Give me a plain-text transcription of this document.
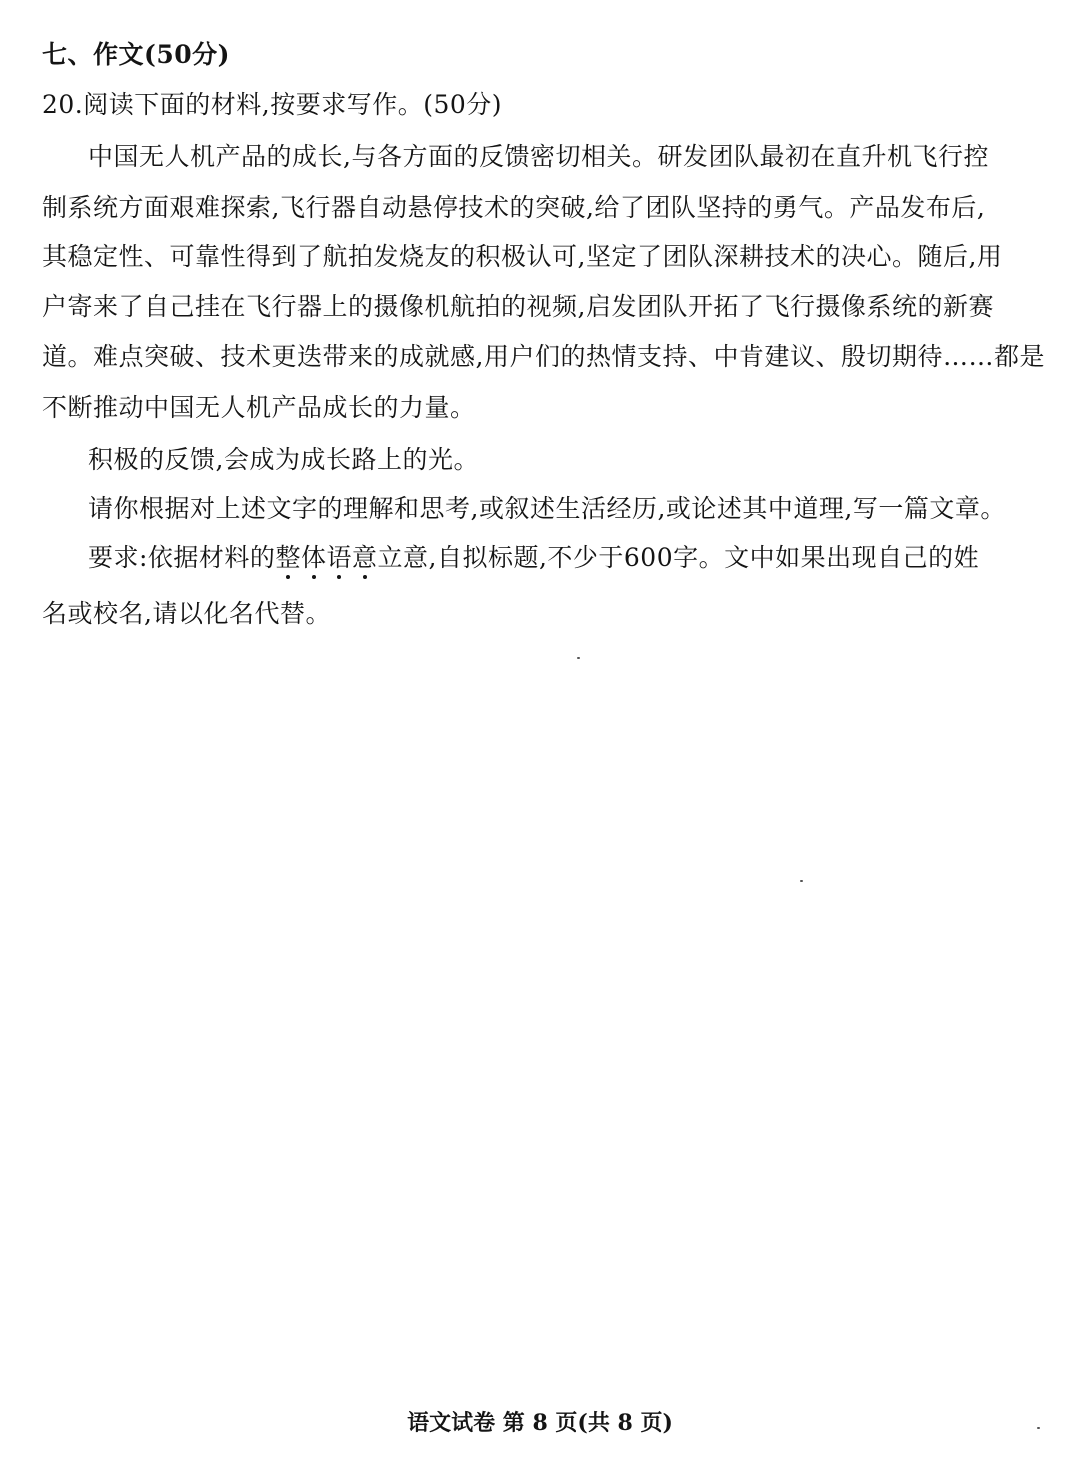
七、作文(50分)
20.阅读下面的材料,按要求写作。(50分)
中国无人机产品的成长,与各方面的反馈密切相关。研发团队最初在直升机飞行控
制系统方面艰难探索,飞行器自动悬停技术的突破,给了团队坚持的勇气。产品发布后,
其稳定性、可靠性得到了航拍发烧友的积极认可,坚定了团队深耕技术的决心。随后,用
户寄来了自己挂在飞行器上的摄像机航拍的视频,启发团队开拓了飞行摄像系统的新赛
道。难点突破、技术更迭带来的成就感,用户们的热情支持、中肯建议、殷切期待……都是
不断推动中国无人机产品成长的力量。
积极的反馈,会成为成长路上的光。
请你根据对上述文字的理解和思考,或叙述生活经历,或论述其中道理,写一篇文章。
要求:依据材料的整体语意立意,自拟标题,不少于600字。文中如果出现自己的姓
名或校名,请以化名代替。
语文试卷 第 8 页(共 8 页)
